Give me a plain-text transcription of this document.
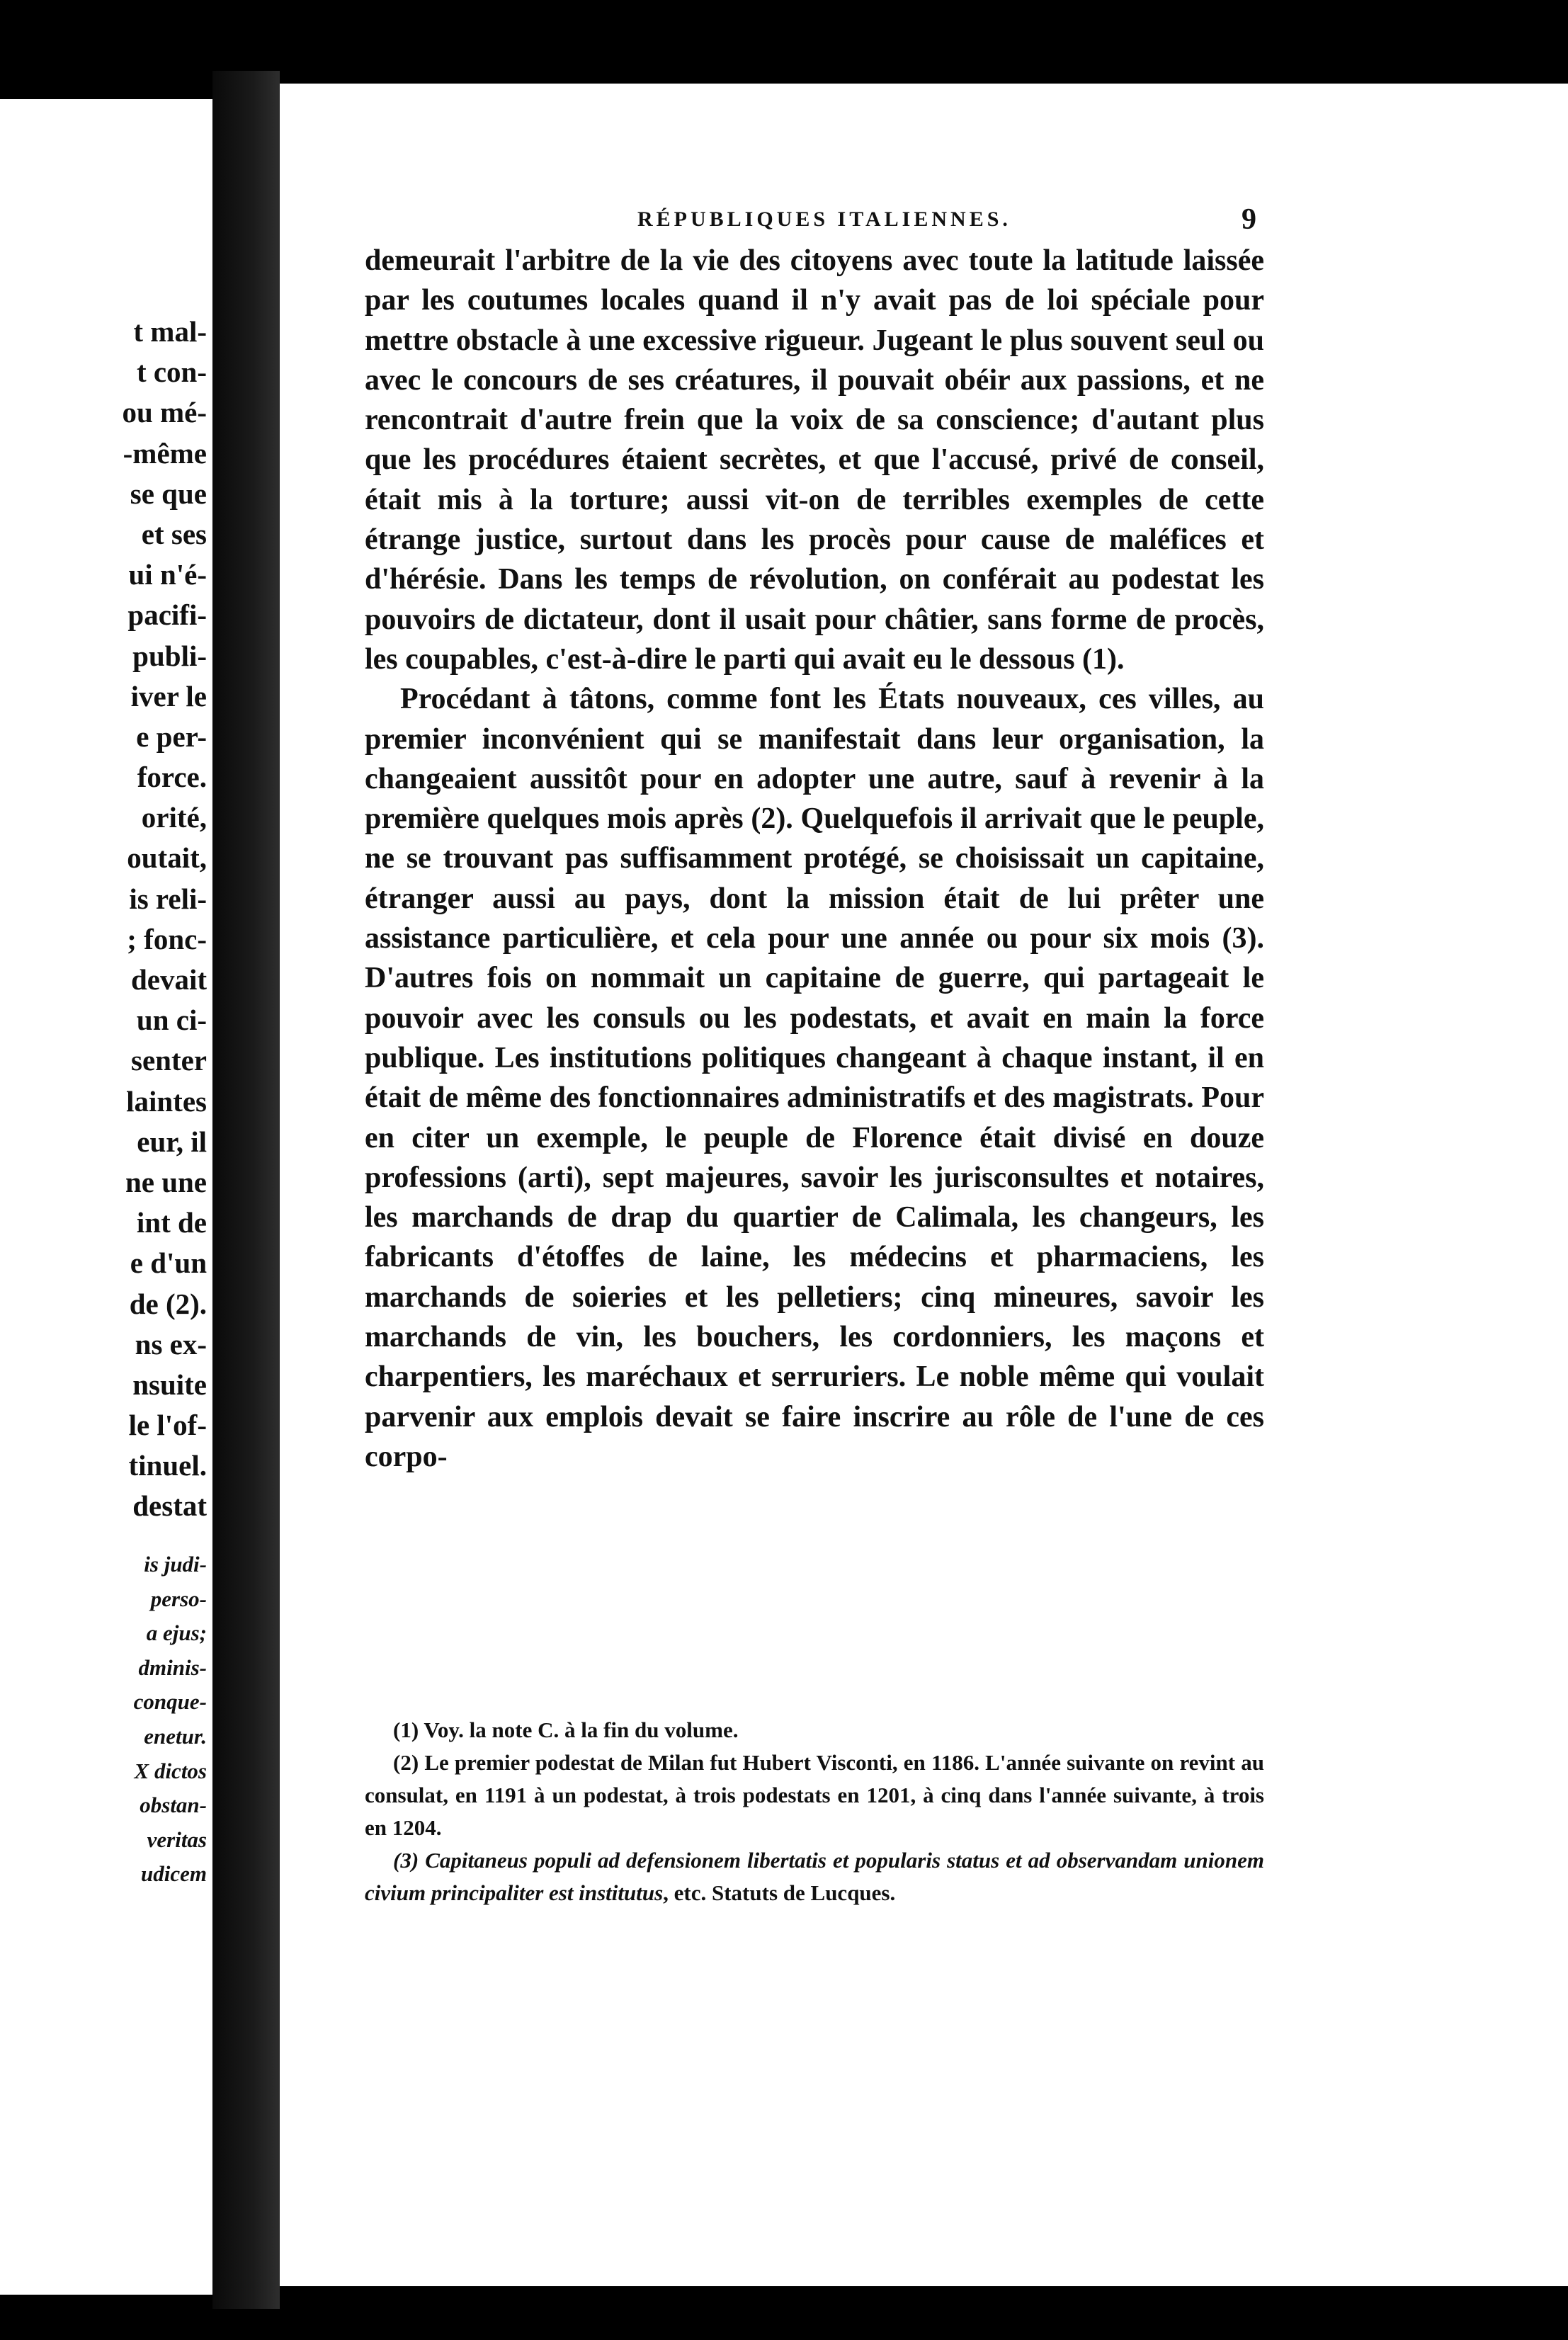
t mal-
t con-
ou mé-
-même
se que
et ses
ui n'é-
pacifi-
publi-
iver le
e per-
force.
orité,
outait,
is reli-
; fonc-
devait
un ci-
senter
laintes
eur, il
ne une
int de
e d'un
de (2).
ns ex-
nsuite
le l'of-
tinuel.
destat
is judi-
perso-
a ejus;
dminis-
conque-
enetur.
X dictos
obstan-
veritas
udicem
RÉPUBLIQUES ITALIENNES.	9

demeurait l'arbitre de la vie des citoyens avec toute la latitude laissée par les coutumes locales quand il n'y avait pas de loi spéciale pour mettre obstacle à une excessive rigueur. Jugeant le plus souvent seul ou avec le concours de ses créatures, il pouvait obéir aux passions, et ne rencontrait d'autre frein que la voix de sa conscience; d'autant plus que les procédures étaient secrètes, et que l'accusé, privé de conseil, était mis à la torture; aussi vit-on de terribles exemples de cette étrange justice, surtout dans les procès pour cause de maléfices et d'hérésie. Dans les temps de révolution, on conférait au podestat les pouvoirs de dictateur, dont il usait pour châtier, sans forme de procès, les coupables, c'est-à-dire le parti qui avait eu le dessous (1).

Procédant à tâtons, comme font les États nouveaux, ces villes, au premier inconvénient qui se manifestait dans leur organisation, la changeaient aussitôt pour en adopter une autre, sauf à revenir à la première quelques mois après (2). Quelquefois il arrivait que le peuple, ne se trouvant pas suffisamment protégé, se choisissait un capitaine, étranger aussi au pays, dont la mission était de lui prêter une assistance particulière, et cela pour une année ou pour six mois (3). D'autres fois on nommait un capitaine de guerre, qui partageait le pouvoir avec les consuls ou les podestats, et avait en main la force publique. Les institutions politiques changeant à chaque instant, il en était de même des fonctionnaires administratifs et des magistrats. Pour en citer un exemple, le peuple de Florence était divisé en douze professions (arti), sept majeures, savoir les jurisconsultes et notaires, les marchands de drap du quartier de Calimala, les changeurs, les fabricants d'étoffes de laine, les médecins et pharmaciens, les marchands de soieries et les pelletiers; cinq mineures, savoir les marchands de vin, les bouchers, les cordonniers, les maçons et charpentiers, les maréchaux et serruriers. Le noble même qui voulait parvenir aux emplois devait se faire inscrire au rôle de l'une de ces corpo-

(1) Voy. la note C. à la fin du volume.

(2) Le premier podestat de Milan fut Hubert Visconti, en 1186. L'année suivante on revint au consulat, en 1191 à un podestat, à trois podestats en 1201, à cinq dans l'année suivante, à trois en 1204.

(3) Capitaneus populi ad defensionem libertatis et popularis status et ad observandam unionem civium principaliter est institutus, etc. Statuts de Lucques.
